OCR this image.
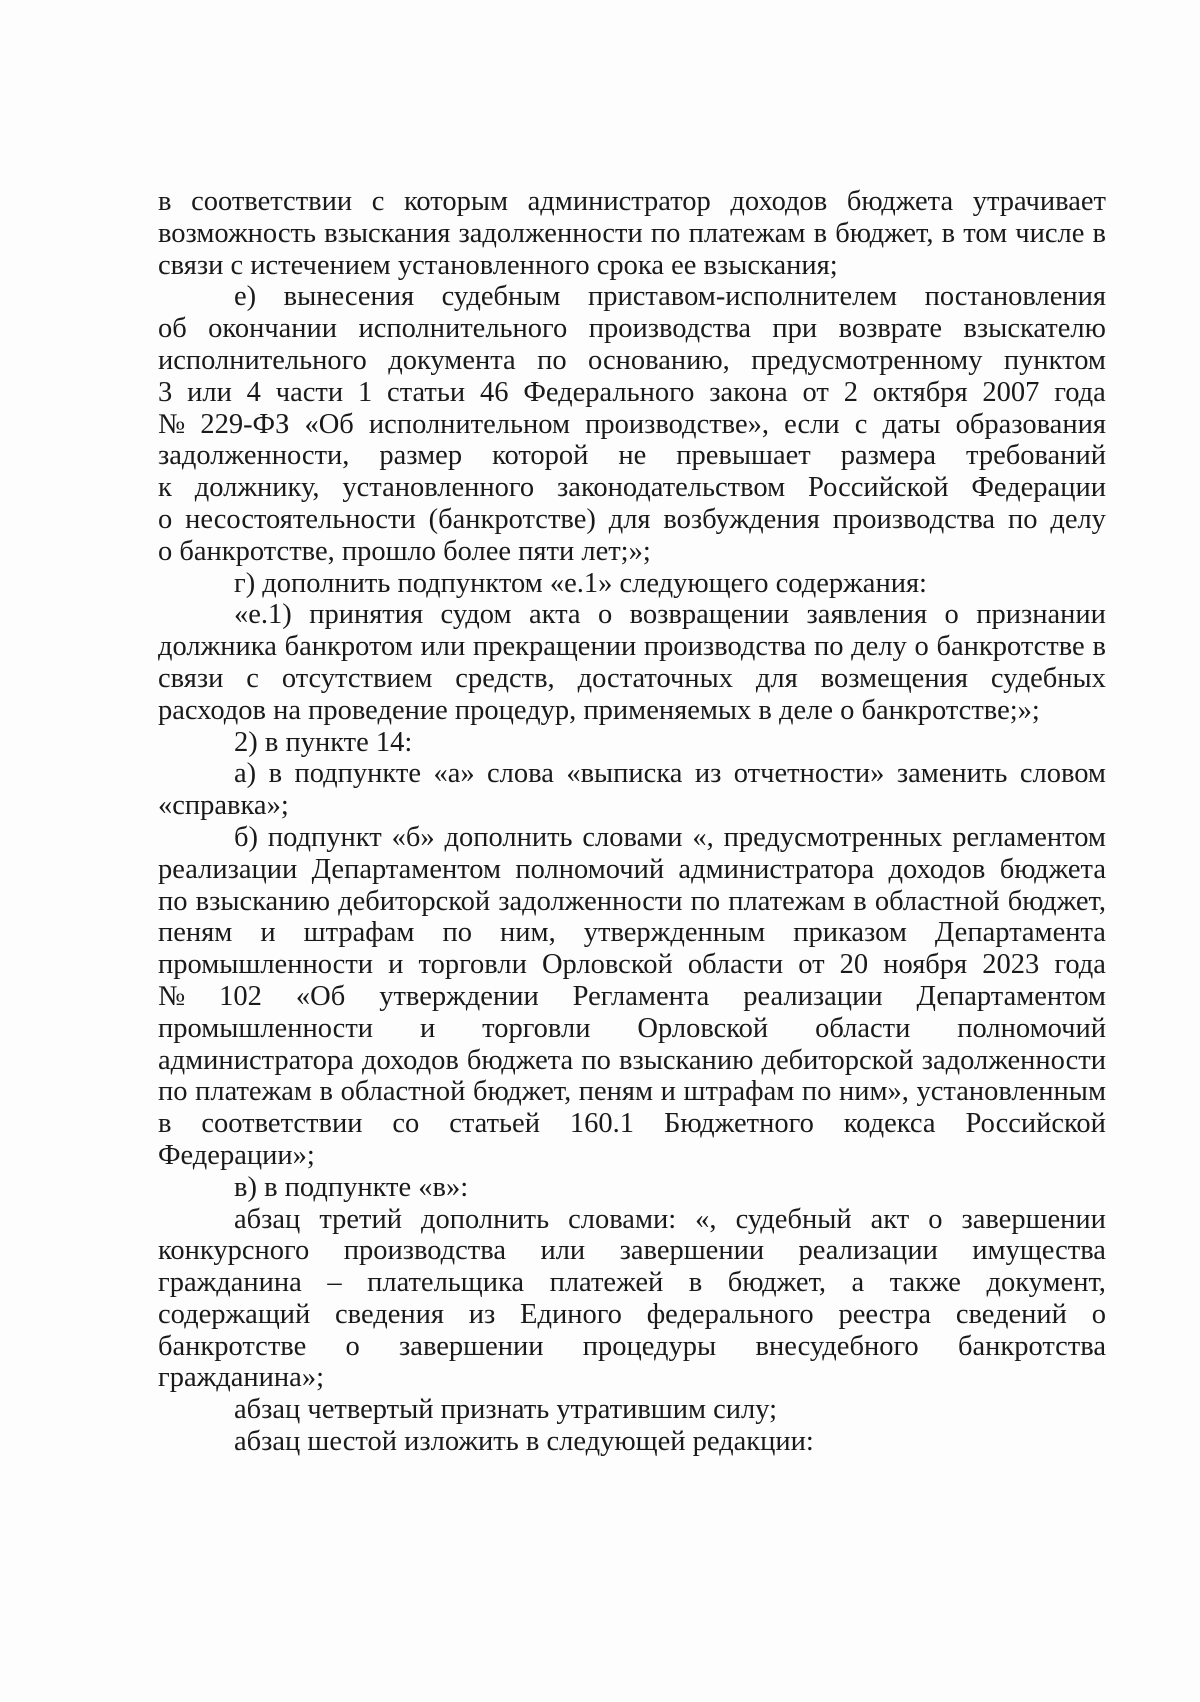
в соответствии с которым администратор доходов бюджета утрачивает
возможность взыскания задолженности по платежам в бюджет, в том числе в
связи с истечением установленного срока ее взыскания;
е) вынесения судебным приставом-исполнителем постановления
об окончании исполнительного производства при возврате взыскателю
исполнительного документа по основанию, предусмотренному пунктом
3 или 4 части 1 статьи 46 Федерального закона от 2 октября 2007 года
№ 229-ФЗ «Об исполнительном производстве», если с даты образования
задолженности, размер которой не превышает размера требований
к должнику, установленного законодательством Российской Федерации
о несостоятельности (банкротстве) для возбуждения производства по делу
о банкротстве, прошло более пяти лет;»;
г) дополнить подпунктом «е.1» следующего содержания:
«е.1) принятия судом акта о возвращении заявления о признании
должника банкротом или прекращении производства по делу о банкротстве в
связи с отсутствием средств, достаточных для возмещения судебных
расходов на проведение процедур, применяемых в деле о банкротстве;»;
2) в пункте 14:
а) в подпункте «а» слова «выписка из отчетности» заменить словом
«справка»;
б) подпункт «б» дополнить словами «, предусмотренных регламентом
реализации Департаментом полномочий администратора доходов бюджета
по взысканию дебиторской задолженности по платежам в областной бюджет,
пеням и штрафам по ним, утвержденным приказом Департамента
промышленности и торговли Орловской области от 20 ноября 2023 года
№ 102 «Об утверждении Регламента реализации Департаментом
промышленности и торговли Орловской области полномочий
администратора доходов бюджета по взысканию дебиторской задолженности
по платежам в областной бюджет, пеням и штрафам по ним», установленным
в соответствии со статьей 160.1 Бюджетного кодекса Российской
Федерации»;
в) в подпункте «в»:
абзац третий дополнить словами: «, судебный акт о завершении
конкурсного производства или завершении реализации имущества
гражданина – плательщика платежей в бюджет, а также документ,
содержащий сведения из Единого федерального реестра сведений о
банкротстве о завершении процедуры внесудебного банкротства
гражданина»;
абзац четвертый признать утратившим силу;
абзац шестой изложить в следующей редакции:
